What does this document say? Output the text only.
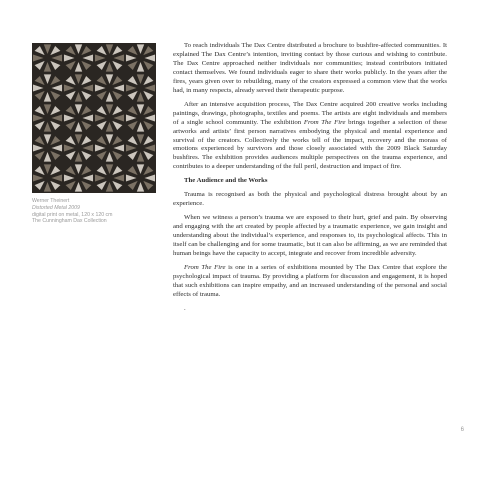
Werner Theinert
Distorted Metal 2009
digital print on metal, 120 x 120 cm
The Cunningham Dax Collection

To reach individuals The Dax Centre distributed a brochure to bushfire-affected communities. It explained The Dax Centre’s intention, inviting contact by those curious and wishing to contribute. The Dax Centre approached neither individuals nor communities; instead contributors initiated contact themselves. We found individuals eager to share their works publicly. In the years after the fires, years given over to rebuilding, many of the creators expressed a common view that the works had, in many respects, already served their therapeutic purpose.

After an intensive acquisition process, The Dax Centre acquired 200 creative works including paintings, drawings, photographs, textiles and poems. The artists are eight individuals and members of a single school community. The exhibition From The Fire brings together a selection of these artworks and artists’ first person narratives embodying the physical and mental experience and survival of the creators. Collectively the works tell of the impact, recovery and the morass of emotions experienced by survivors and those closely associated with the 2009 Black Saturday bushfires. The exhibition provides audiences multiple perspectives on the trauma experience, and contributes to a deeper understanding of the full peril, destruction and impact of fire.

The Audience and the Works

Trauma is recognised as both the physical and psychological distress brought about by an experience.

When we witness a person’s trauma we are exposed to their hurt, grief and pain. By observing and engaging with the art created by people affected by a traumatic experience, we gain insight and understanding about the individual’s experience, and responses to, its psychological affects. This in itself can be challenging and for some traumatic, but it can also be affirming, as we are reminded that human beings have the capacity to accept, integrate and recover from incredible adversity.

From The Fire is one in a series of exhibitions mounted by The Dax Centre that explore the psychological impact of trauma. By providing a platform for discussion and engagement, it is hoped that such exhibitions can inspire empathy, and an increased understanding of the personal and social effects of trauma.

.

6
